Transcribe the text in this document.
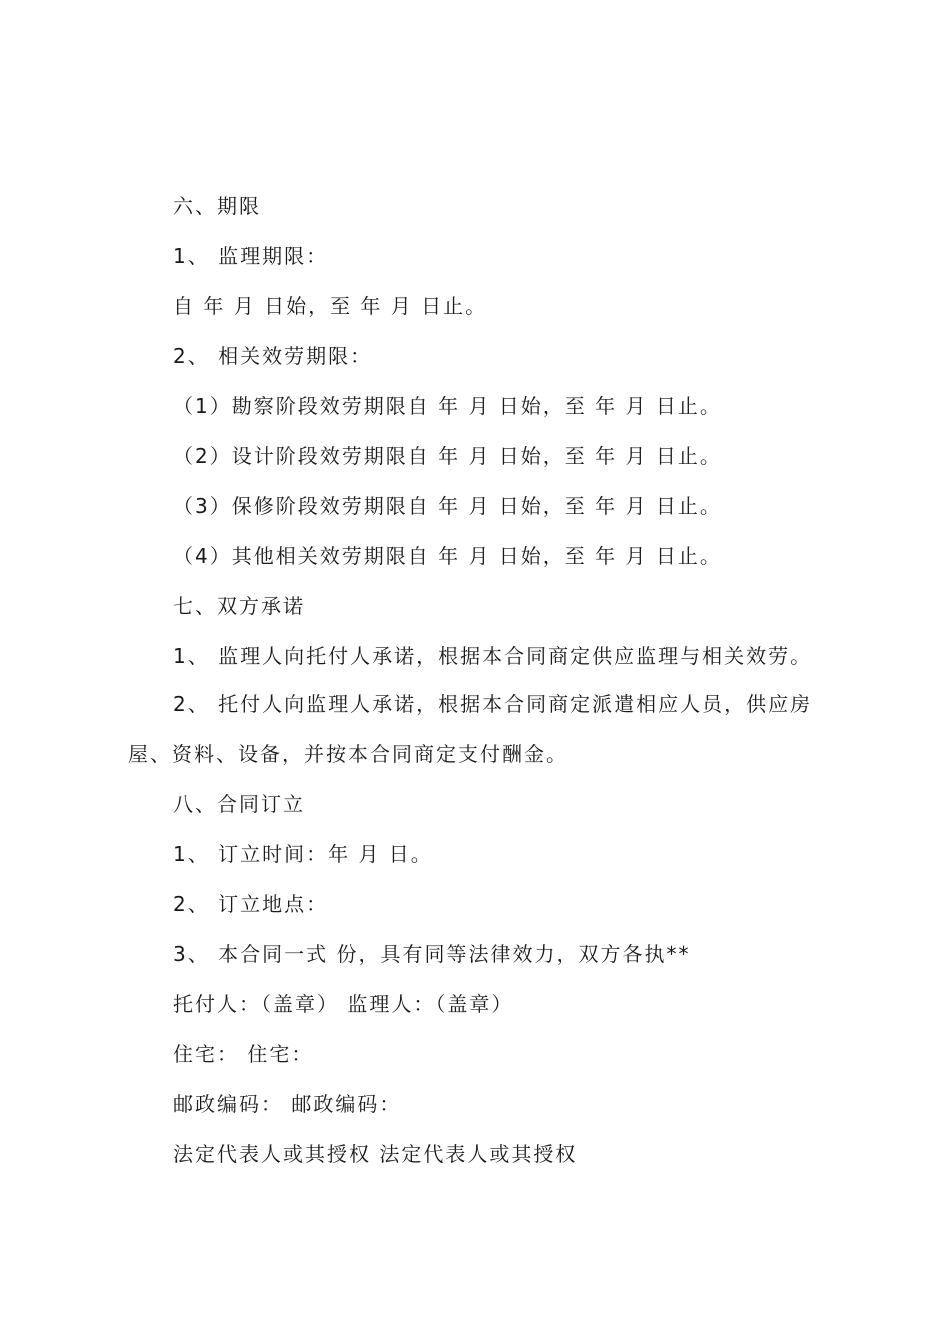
六、期限
1、 监理期限：
自 年 月 日始，至 年 月 日止。
2、 相关效劳期限：
（1）勘察阶段效劳期限自 年 月 日始，至 年 月 日止。
（2）设计阶段效劳期限自 年 月 日始，至 年 月 日止。
（3）保修阶段效劳期限自 年 月 日始，至 年 月 日止。
（4）其他相关效劳期限自 年 月 日始，至 年 月 日止。
七、双方承诺
1、 监理人向托付人承诺，根据本合同商定供应监理与相关效劳。
2、 托付人向监理人承诺，根据本合同商定派遣相应人员，供应房
屋、资料、设备，并按本合同商定支付酬金。
八、合同订立
1、 订立时间：年 月 日。
2、 订立地点：
3、 本合同一式 份，具有同等法律效力，双方各执**
托付人：（盖章） 监理人：（盖章）
住宅： 住宅：
邮政编码： 邮政编码：
法定代表人或其授权 法定代表人或其授权
